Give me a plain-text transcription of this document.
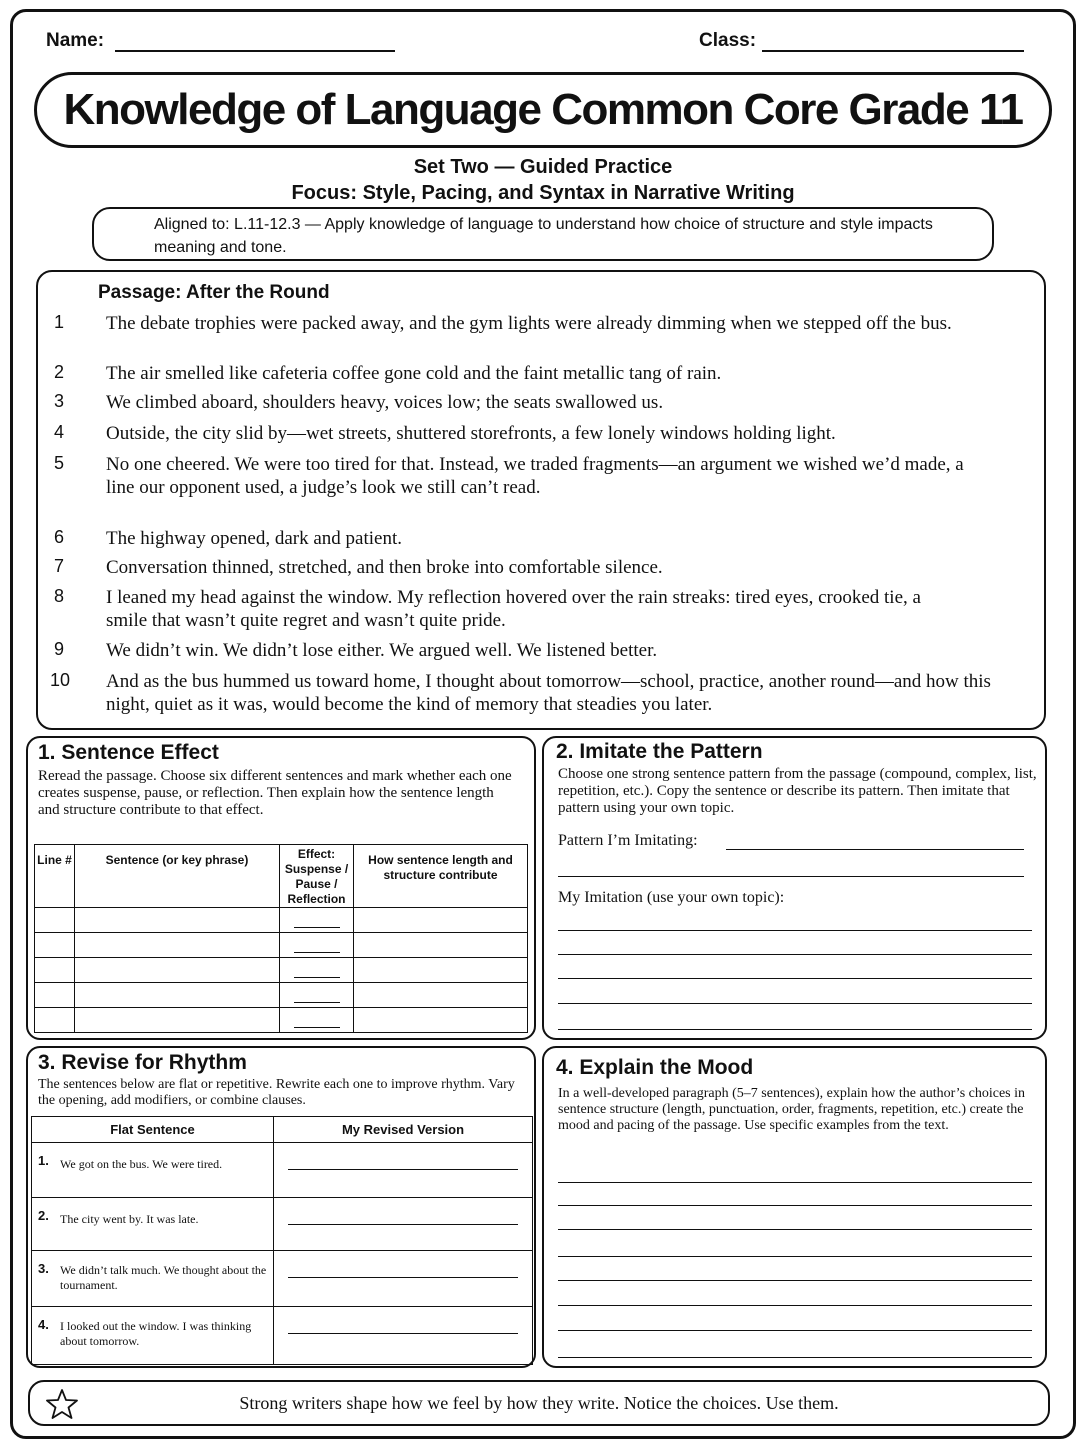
Name:	Class:
Knowledge of Language Common Core Grade 11
Set Two — Guided Practice
Focus: Style, Pacing, and Syntax in Narrative Writing
Aligned to: L.11-12.3 — Apply knowledge of language to understand how choice of structure and style impacts meaning and tone.
Passage: After the Round
1	The debate trophies were packed away, and the gym lights were already dimming when we stepped off the bus.
2	The air smelled like cafeteria coffee gone cold and the faint metallic tang of rain.
3	We climbed aboard, shoulders heavy, voices low; the seats swallowed us.
4	Outside, the city slid by—wet streets, shuttered storefronts, a few lonely windows holding light.
5	No one cheered. We were too tired for that. Instead, we traded fragments—an argument we wished we’d made, a line our opponent used, a judge’s look we still can’t read.
6	The highway opened, dark and patient.
7	Conversation thinned, stretched, and then broke into comfortable silence.
8	I leaned my head against the window. My reflection hovered over the rain streaks: tired eyes, crooked tie, a smile that wasn’t quite regret and wasn’t quite pride.
9	We didn’t win. We didn’t lose either. We argued well. We listened better.
10	And as the bus hummed us toward home, I thought about tomorrow—school, practice, another round—and how this night, quiet as it was, would become the kind of memory that steadies you later.
1. Sentence Effect
Reread the passage. Choose six different sentences and mark whether each one creates suspense, pause, or reflection. Then explain how the sentence length and structure contribute to that effect.
Line #	Sentence (or key phrase)	Effect: Suspense / Pause / Reflection	How sentence length and structure contribute

2. Imitate the Pattern
Choose one strong sentence pattern from the passage (compound, complex, list, repetition, etc.). Copy the sentence or describe its pattern. Then imitate that pattern using your own topic.
Pattern I’m Imitating:
My Imitation (use your own topic):
3. Revise for Rhythm
The sentences below are flat or repetitive. Rewrite each one to improve rhythm. Vary the opening, add modifiers, or combine clauses.
Flat Sentence	My Revised Version

1. We got on the bus. We were tired.	

2. The city went by. It was late.	

3. We didn’t talk much. We thought about the tournament.	

4. I looked out the window. I was thinking about tomorrow.	

4. Explain the Mood
In a well-developed paragraph (5–7 sentences), explain how the author’s choices in sentence structure (length, punctuation, order, fragments, repetition, etc.) create the mood and pacing of the passage. Use specific examples from the text.
Strong writers shape how we feel by how they write. Notice the choices. Use them.
